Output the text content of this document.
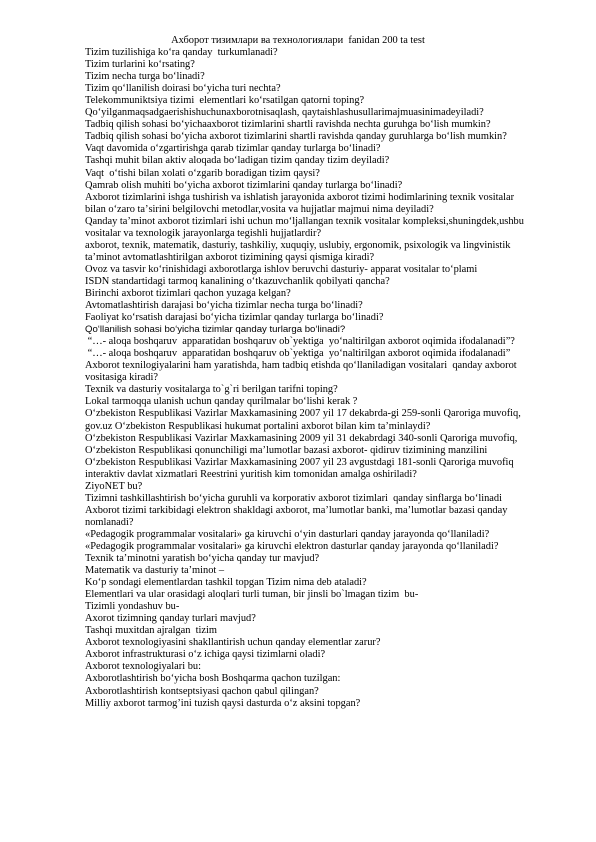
Ахборот тизимлари ва технологиялари  fanidan 200 ta test
Tizim tuzilishiga koʻra qanday  turkumlanadi?
Tizim turlarini koʻrsating?
Tizim necha turga boʻlinadi?
Tizim qoʻllanilish doirasi boʻyicha turi nechta?
Telekommuniktsiya tizimi  elementlari koʻrsatilgan qatorni toping?
Qoʻyilganmaqsadgaerishishuchunaxborotnisaqlash, qaytaishlashusullarimajmuasinimadeyiladi?
Tadbiq qilish sohasi boʻyichaaxborot tizimlarini shartli ravishda nechta guruhga boʻlish mumkin?
Tadbiq qilish sohasi boʻyicha axborot tizimlarini shartli ravishda qanday guruhlarga boʻlish mumkin?
Vaqt davomida oʻzgartirishga qarab tizimlar qanday turlarga boʻlinadi?
Tashqi muhit bilan aktiv aloqada boʻladigan tizim qanday tizim deyiladi?
Vaqt  oʻtishi bilan xolati oʻzgarib boradigan tizim qaysi?
Qamrab olish muhiti boʻyicha axborot tizimlarini qanday turlarga boʻlinadi?
Axborot tizimlarini ishga tushirish va ishlatish jarayonida axborot tizimi hodimlarining texnik vositalar
bilan oʻzaro taʼsirini belgilovchi metodlar,vosita va hujjatlar majmui nima deyiladi?
Qanday taʼminot axborot tizimlari ishi uchun moʻljallangan texnik vositalar kompleksi,shuningdek,ushbu
vositalar va texnologik jarayonlarga tegishli hujjatlardir?
axborot, texnik, matematik, dasturiy, tashkiliy, xuquqiy, uslubiy, ergonomik, psixologik va lingvinistik
taʼminot avtomatlashtirilgan axborot tizimining qaysi qismiga kiradi?
Ovoz va tasvir koʻrinishidagi axborotlarga ishlov beruvchi dasturiy- apparat vositalar toʻplami
ISDN standartidagi tarmoq kanalining oʻtkazuvchanlik qobilyati qancha?
Birinchi axborot tizimlari qachon yuzaga kelgan?
Avtomatlashtirish darajasi boʻyicha tizimlar necha turga boʻlinadi?
Faoliyat koʻrsatish darajasi boʻyicha tizimlar qanday turlarga boʻlinadi?
Qoʻllanilish sohasi boʻyicha tizimlar qanday turlarga boʻlinadi?
“…- aloqa boshqaruv  apparatidan boshqaruv ob`yektiga  yoʻnaltirilgan axborot oqimida ifodalanadi”?
“…- aloqa boshqaruv  apparatidan boshqaruv ob`yektiga  yoʻnaltirilgan axborot oqimida ifodalanadi”
Axborot texnilogiyalarini ham yaratishda, ham tadbiq etishda qoʻllaniladigan vositalari  qanday axborot
vositasiga kiradi?
Texnik va dasturiy vositalarga to`g`ri berilgan tarifni toping?
Lokal tarmoqqa ulanish uchun qanday qurilmalar boʻlishi kerak ?
Oʻzbekiston Respublikasi Vazirlar Maxkamasining 2007 yil 17 dekabrda-gi 259-sonli Qaroriga muvofiq,
gov.uz Oʻzbekiston Respublikasi hukumat portalini axborot bilan kim taʼminlaydi?
Oʻzbekiston Respublikasi Vazirlar Maxkamasining 2009 yil 31 dekabrdagi 340-sonli Qaroriga muvofiq,
Oʻzbekiston Respublikasi qonunchiligi maʼlumotlar bazasi axborot- qidiruv tizimining manzilini
Oʻzbekiston Respublikasi Vazirlar Maxkamasining 2007 yil 23 avgustdagi 181-sonli Qaroriga muvofiq
interaktiv davlat xizmatlari Reestrini yuritish kim tomonidan amalga oshiriladi?
ZiyoNET bu?
Tizimni tashkillashtirish boʻyicha guruhli va korporativ axborot tizimlari  qanday sinflarga boʻlinadi
Axborot tizimi tarkibidagi elektron shakldagi axborot, maʼlumotlar banki, maʼlumotlar bazasi qanday
nomlanadi?
«Pedagogik programmalar vositalari» ga kiruvchi oʻyin dasturlari qanday jarayonda qoʻllaniladi?
«Pedagogik programmalar vositalari» ga kiruvchi elektron dasturlar qanday jarayonda qoʻllaniladi?
Texnik taʼminotni yaratish boʻyicha qanday tur mavjud?
Matematik va dasturiy taʼminot –
Koʻp sondagi elementlardan tashkil topgan Tizim nima deb ataladi?
Elementlari va ular orasidagi aloqlari turli tuman, bir jinsli bo`lmagan tizim  bu-
Tizimli yondashuv bu-
Axorot tizimning qanday turlari mavjud?
Tashqi muxitdan ajralgan  tizim
Axborot texnologiyasini shakllantirish uchun qanday elementlar zarur?
Axborot infrastrukturasi oʻz ichiga qaysi tizimlarni oladi?
Axborot texnologiyalari bu:
Axborotlashtirish boʻyicha bosh Boshqarma qachon tuzilgan:
Axborotlashtirish kontseptsiyasi qachon qabul qilingan?
Milliy axborot tarmogʼini tuzish qaysi dasturda oʻz aksini topgan?
